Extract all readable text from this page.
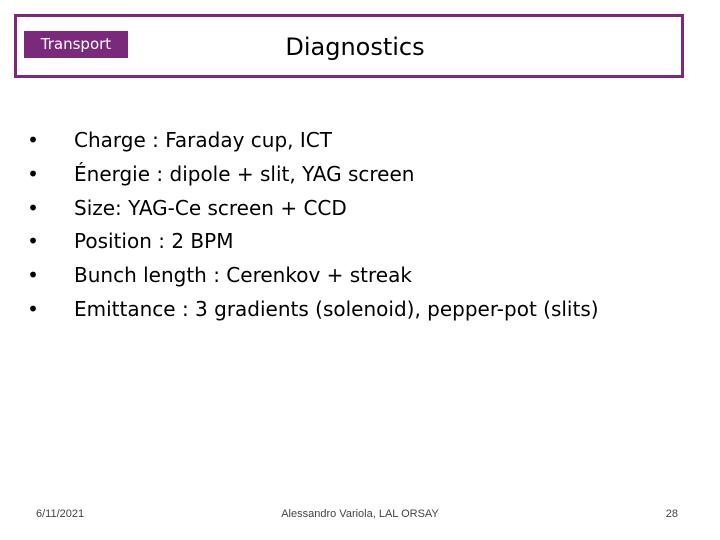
Transport	Diagnostics
• Charge : Faraday cup, ICT
• Énergie : dipole + slit, YAG screen
• Size: YAG-Ce screen + CCD
• Position : 2 BPM
• Bunch length : Cerenkov + streak
• Emittance : 3 gradients (solenoid), pepper-pot (slits)
Alessandro Variola, LAL ORSAY
6/11/2021	28
